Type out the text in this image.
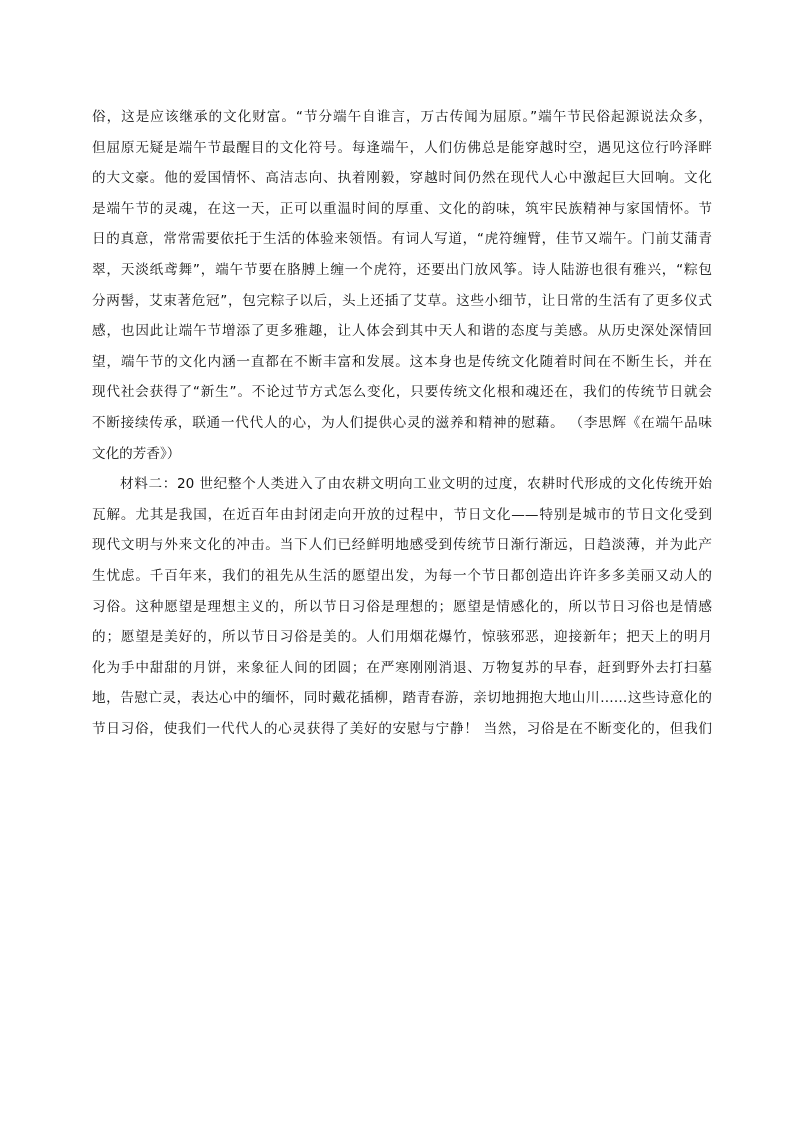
俗，这是应该继承的文化财富。“节分端午自谁言，万古传闻为屈原。”端午节民俗起源说法众多，
但屈原无疑是端午节最醒目的文化符号。每逢端午，人们仿佛总是能穿越时空，遇见这位行吟泽畔
的大文豪。他的爱国情怀、高洁志向、执着刚毅，穿越时间仍然在现代人心中激起巨大回响。文化
是端午节的灵魂，在这一天，正可以重温时间的厚重、文化的韵味，筑牢民族精神与家国情怀。节
日的真意，常常需要依托于生活的体验来领悟。有词人写道，“虎符缠臂，佳节又端午。门前艾蒲青
翠，天淡纸鸢舞”，端午节要在胳膊上缠一个虎符，还要出门放风筝。诗人陆游也很有雅兴，“粽包
分两髻，艾束著危冠”，包完粽子以后，头上还插了艾草。这些小细节，让日常的生活有了更多仪式
感，也因此让端午节增添了更多雅趣，让人体会到其中天人和谐的态度与美感。从历史深处深情回
望，端午节的文化内涵一直都在不断丰富和发展。这本身也是传统文化随着时间在不断生长，并在
现代社会获得了“新生”。不论过节方式怎么变化，只要传统文化根和魂还在，我们的传统节日就会
不断接续传承，联通一代代人的心，为人们提供心灵的滋养和精神的慰藉。 （李思辉《在端午品味
文化的芳香》）
材料二：20 世纪整个人类进入了由农耕文明向工业文明的过度，农耕时代形成的文化传统开始
瓦解。尤其是我国，在近百年由封闭走向开放的过程中，节日文化——特别是城市的节日文化受到
现代文明与外来文化的冲击。当下人们已经鲜明地感受到传统节日渐行渐远，日趋淡薄，并为此产
生忧虑。千百年来，我们的祖先从生活的愿望出发，为每一个节日都创造出许许多多美丽又动人的
习俗。这种愿望是理想主义的，所以节日习俗是理想的；愿望是情感化的，所以节日习俗也是情感
的；愿望是美好的，所以节日习俗是美的。人们用烟花爆竹，惊骇邪恶，迎接新年；把天上的明月
化为手中甜甜的月饼，来象征人间的团圆；在严寒刚刚消退、万物复苏的早春，赶到野外去打扫墓
地，告慰亡灵，表达心中的缅怀，同时戴花插柳，踏青春游，亲切地拥抱大地山川……这些诗意化的
节日习俗，使我们一代代人的心灵获得了美好的安慰与宁静！ 当然，习俗是在不断变化的，但我们
